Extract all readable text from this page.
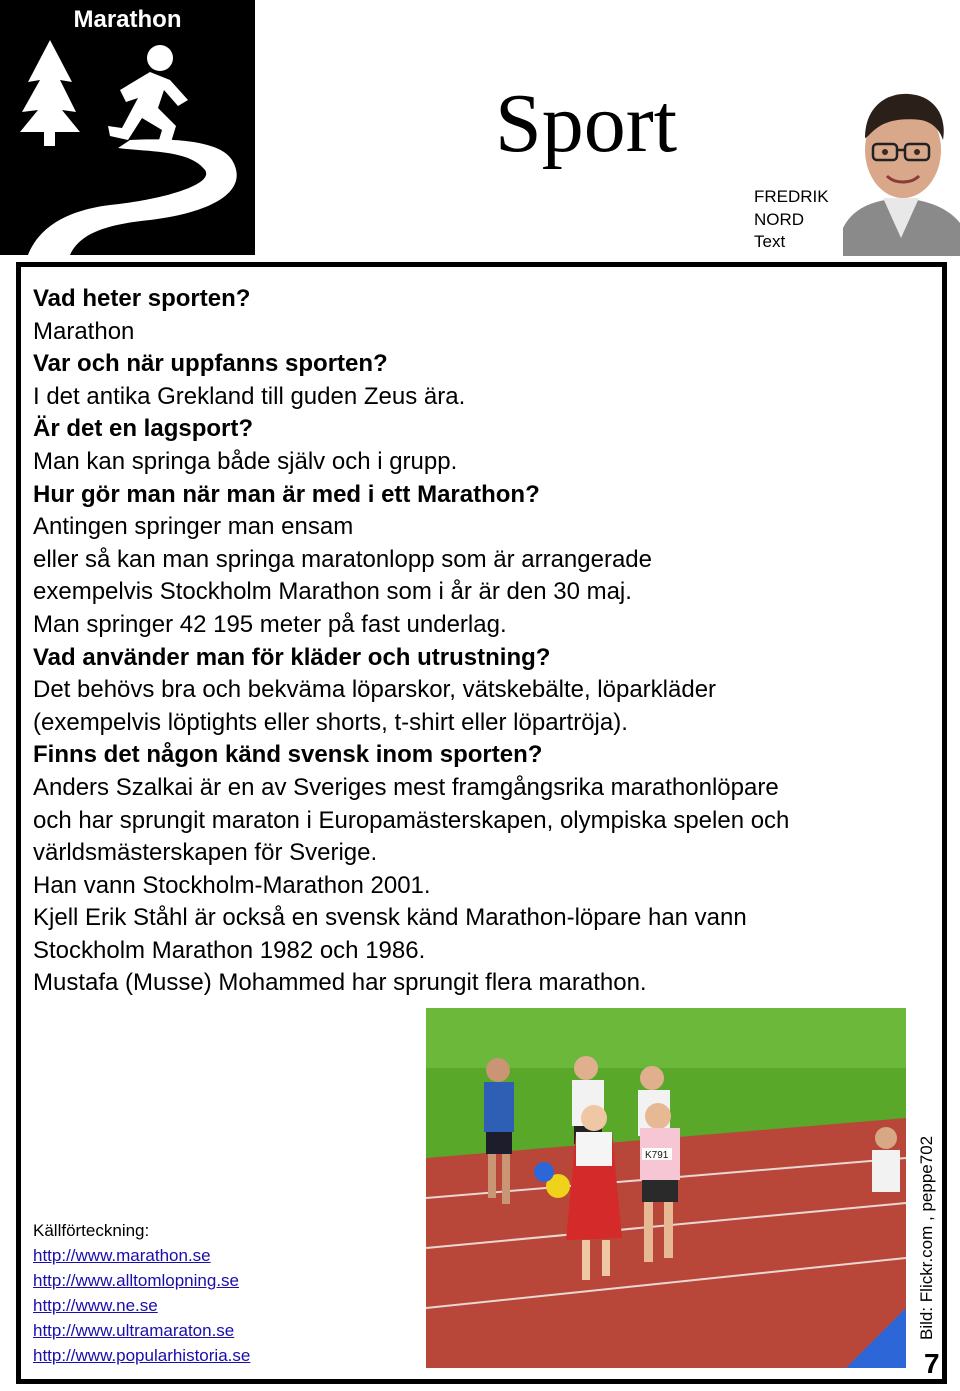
Marathon
Sport
FREDRIK
NORD
Text

Vad heter sporten?

Marathon

Var och när uppfanns sporten?

I det antika Grekland till guden Zeus ära.

Är det en lagsport?

Man kan springa både själv och i grupp.

Hur gör man när man är med i ett Marathon?

Antingen springer man ensam

eller så kan man springa maratonlopp som är arrangerade

exempelvis Stockholm Marathon som i år är den 30 maj.

Man springer 42 195 meter på fast underlag.

Vad använder man för kläder och utrustning?

Det behövs bra och bekväma löparskor, vätskebälte, löparkläder

(exempelvis löptights eller shorts, t-shirt eller löpartröja).

Finns det någon känd svensk inom sporten?

Anders Szalkai är en av Sveriges mest framgångsrika marathonlöpare

och har sprungit maraton i Europamästerskapen, olympiska spelen och

världsmästerskapen för Sverige.

Han vann Stockholm-Marathon 2001.

Kjell Erik Ståhl är också en svensk känd Marathon-löpare han vann

Stockholm Marathon 1982 och 1986.

Mustafa (Musse) Mohammed har sprungit flera marathon.

K791
Källförteckning:
http://www.marathon.se
http://www.alltomlopning.se
http://www.ne.se
http://www.ultramaraton.se
http://www.popularhistoria.se
Bild: Flickr.com , peppe702
7
